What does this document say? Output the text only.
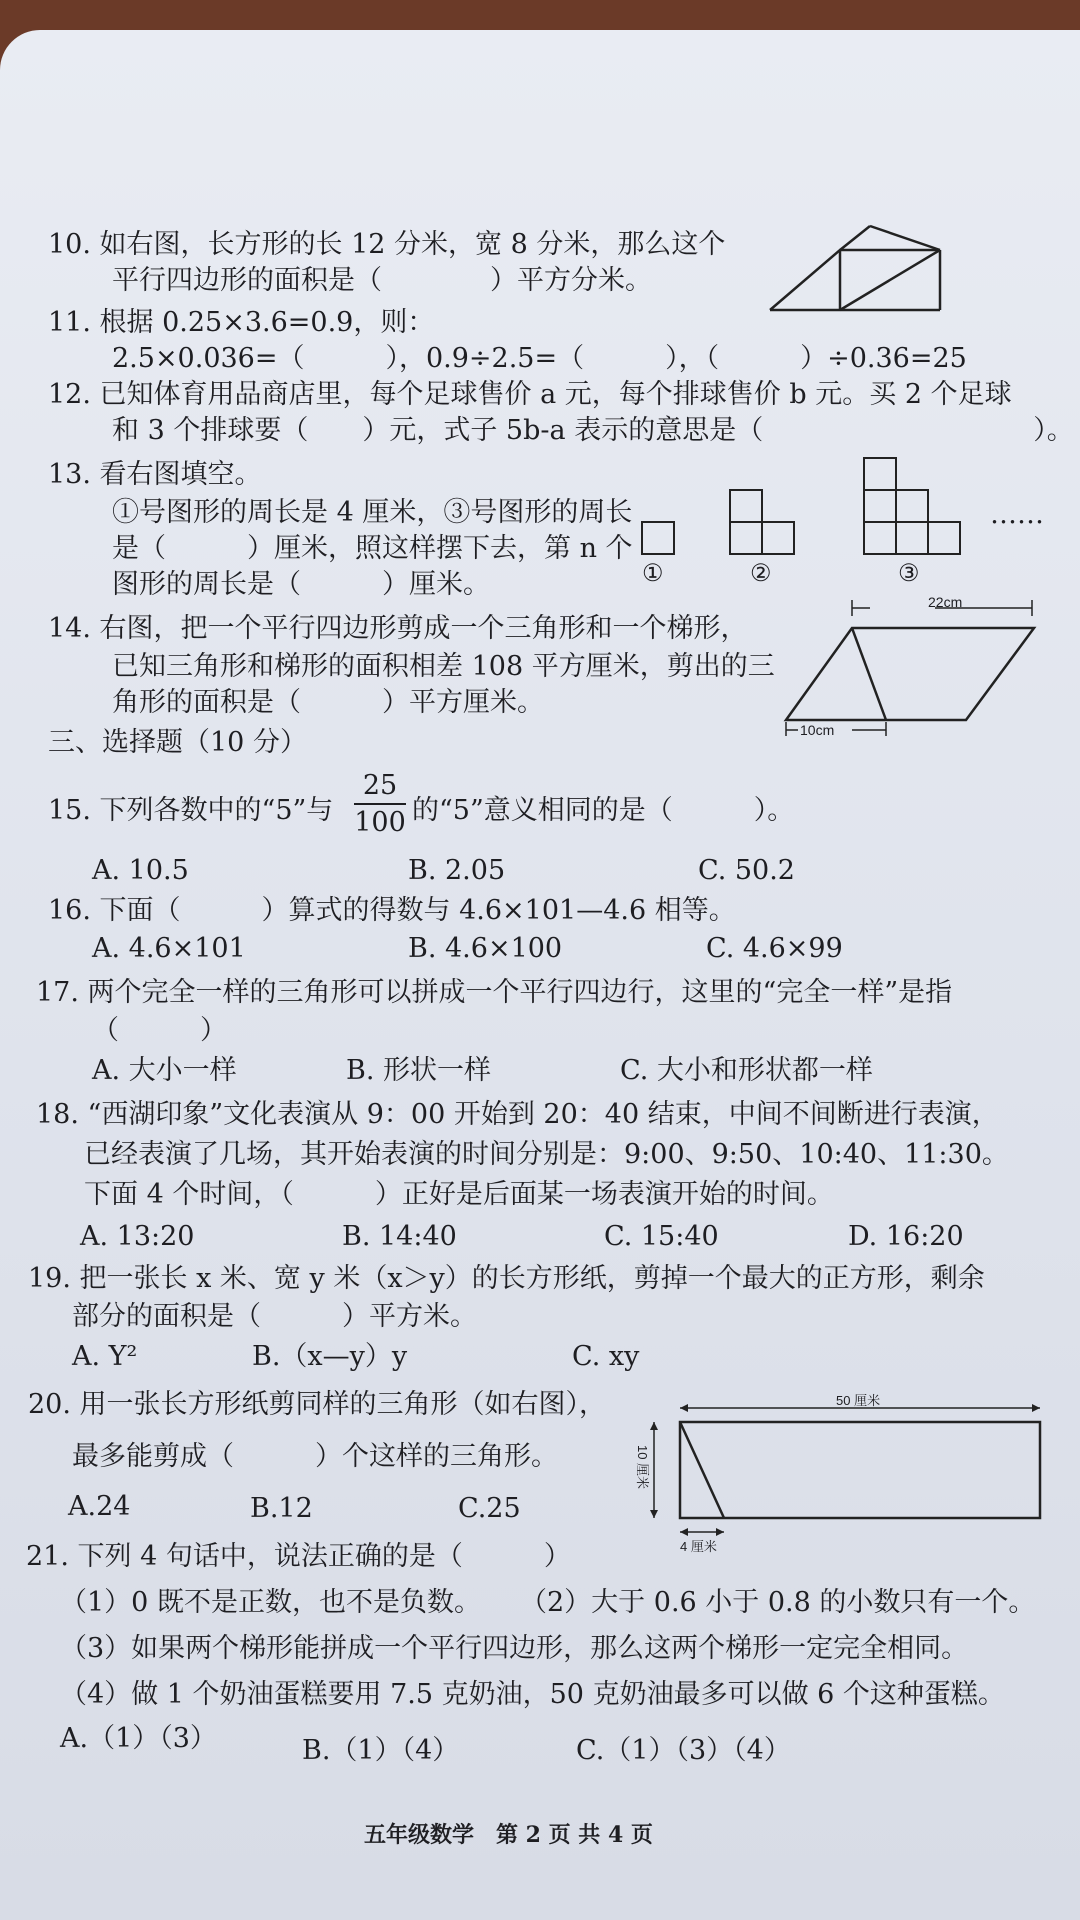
10. 如右图，长方形的长 12 分米，宽 8 分米，那么这个
平行四边形的面积是（　　　　）平方分米。
11. 根据 0.25×3.6=0.9，则：
2.5×0.036=（　　　），0.9÷2.5=（　　　），（　　　）÷0.36=25
12. 已知体育用品商店里，每个足球售价 a 元，每个排球售价 b 元。买 2 个足球
和 3 个排球要（　　）元，式子 5b-a 表示的意思是（　　　　　　　　　　）。
13. 看右图填空。
①号图形的周长是 4 厘米，③号图形的周长
是（　　　）厘米，照这样摆下去，第 n 个
图形的周长是（　　　）厘米。	①	②	③
……
14. 右图，把一个平行四边形剪成一个三角形和一个梯形，
已知三角形和梯形的面积相差 108 平方厘米，剪出的三
角形的面积是（　　　）平方厘米。
22cm
10cm
三、选择题（10 分）
15. 下列各数中的“5”与
25
100 的“5”意义相同的是（　　　）。
A. 10.5	B. 2.05	C. 50.2
16. 下面（　　　）算式的得数与 4.6×101—4.6 相等。
A. 4.6×101	B. 4.6×100	C. 4.6×99
17. 两个完全一样的三角形可以拼成一个平行四边行，这里的“完全一样”是指
（　　　）
A. 大小一样	B. 形状一样	C. 大小和形状都一样
18. “西湖印象”文化表演从 9：00 开始到 20：40 结束，中间不间断进行表演，
已经表演了几场，其开始表演的时间分别是：9:00、9:50、10:40、11:30。
下面 4 个时间，（　　　）正好是后面某一场表演开始的时间。
A. 13:20	B. 14:40	C. 15:40	D. 16:20
19. 把一张长 x 米、宽 y 米（x＞y）的长方形纸，剪掉一个最大的正方形，剩余
部分的面积是（　　　）平方米。
A. Y²	B.（x—y）y	C. xy
20. 用一张长方形纸剪同样的三角形（如右图），
最多能剪成（　　　）个这样的三角形。
A.24	B.12	C.25
50 厘米
10 厘米
4 厘米
21. 下列 4 句话中，说法正确的是（　　　）
（1）0 既不是正数，也不是负数。 （2）大于 0.6 小于 0.8 的小数只有一个。
（3）如果两个梯形能拼成一个平行四边形，那么这两个梯形一定完全相同。
（4）做 1 个奶油蛋糕要用 7.5 克奶油，50 克奶油最多可以做 6 个这种蛋糕。
A.（1）（3）	B.（1）（4）	C.（1）（3）（4）
五年级数学　第 2 页 共 4 页
